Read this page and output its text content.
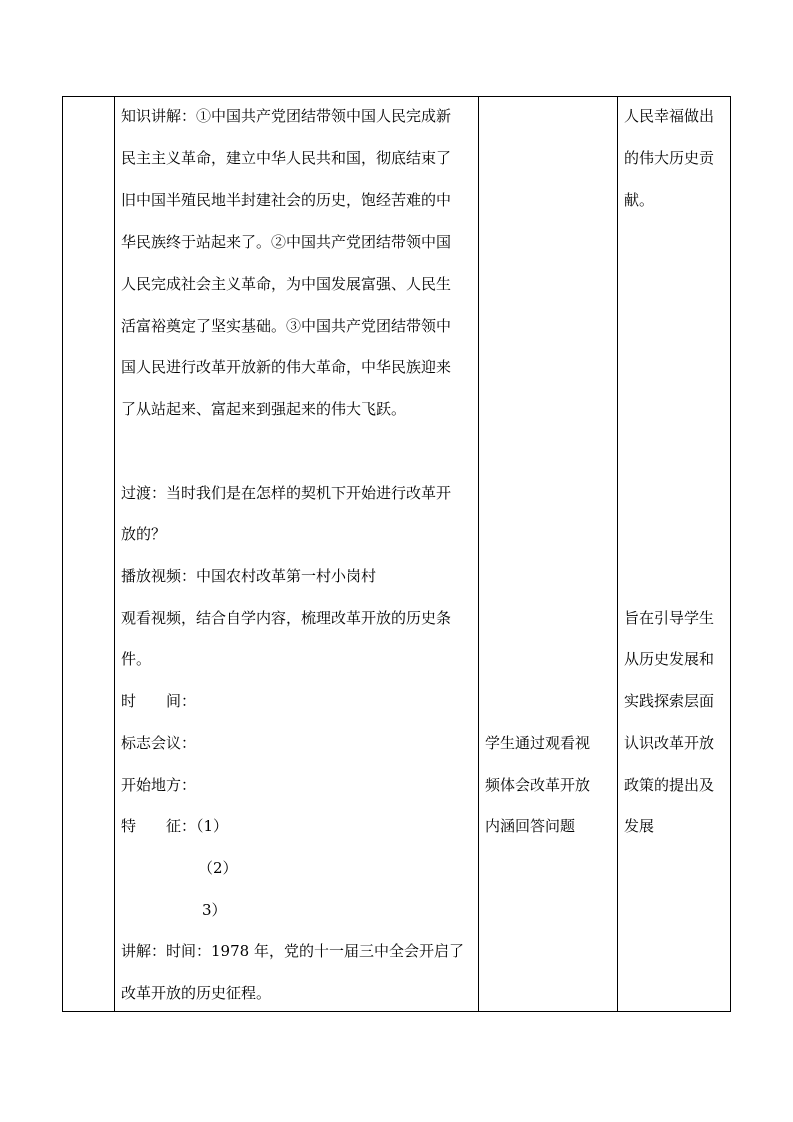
知识讲解：①中国共产党团结带领中国人民完成新
民主主义革命，建立中华人民共和国，彻底结束了
旧中国半殖民地半封建社会的历史，饱经苦难的中
华民族终于站起来了。②中国共产党团结带领中国
人民完成社会主义革命，为中国发展富强、人民生
活富裕奠定了坚实基础。③中国共产党团结带领中
国人民进行改革开放新的伟大革命，中华民族迎来
了从站起来、富起来到强起来的伟大飞跃。
过渡：当时我们是在怎样的契机下开始进行改革开
放的？
播放视频：中国农村改革第一村小岗村
观看视频，结合自学内容，梳理改革开放的历史条
件。
时　　间：
标志会议：
开始地方：
特　　征：（1）
（2）
3）
讲解：时间：1978 年，党的十一届三中全会开启了
改革开放的历史征程。
学生通过观看视
频体会改革开放
内涵回答问题
人民幸福做出
的伟大历史贡
献。
旨在引导学生
从历史发展和
实践探索层面
认识改革开放
政策的提出及
发展
